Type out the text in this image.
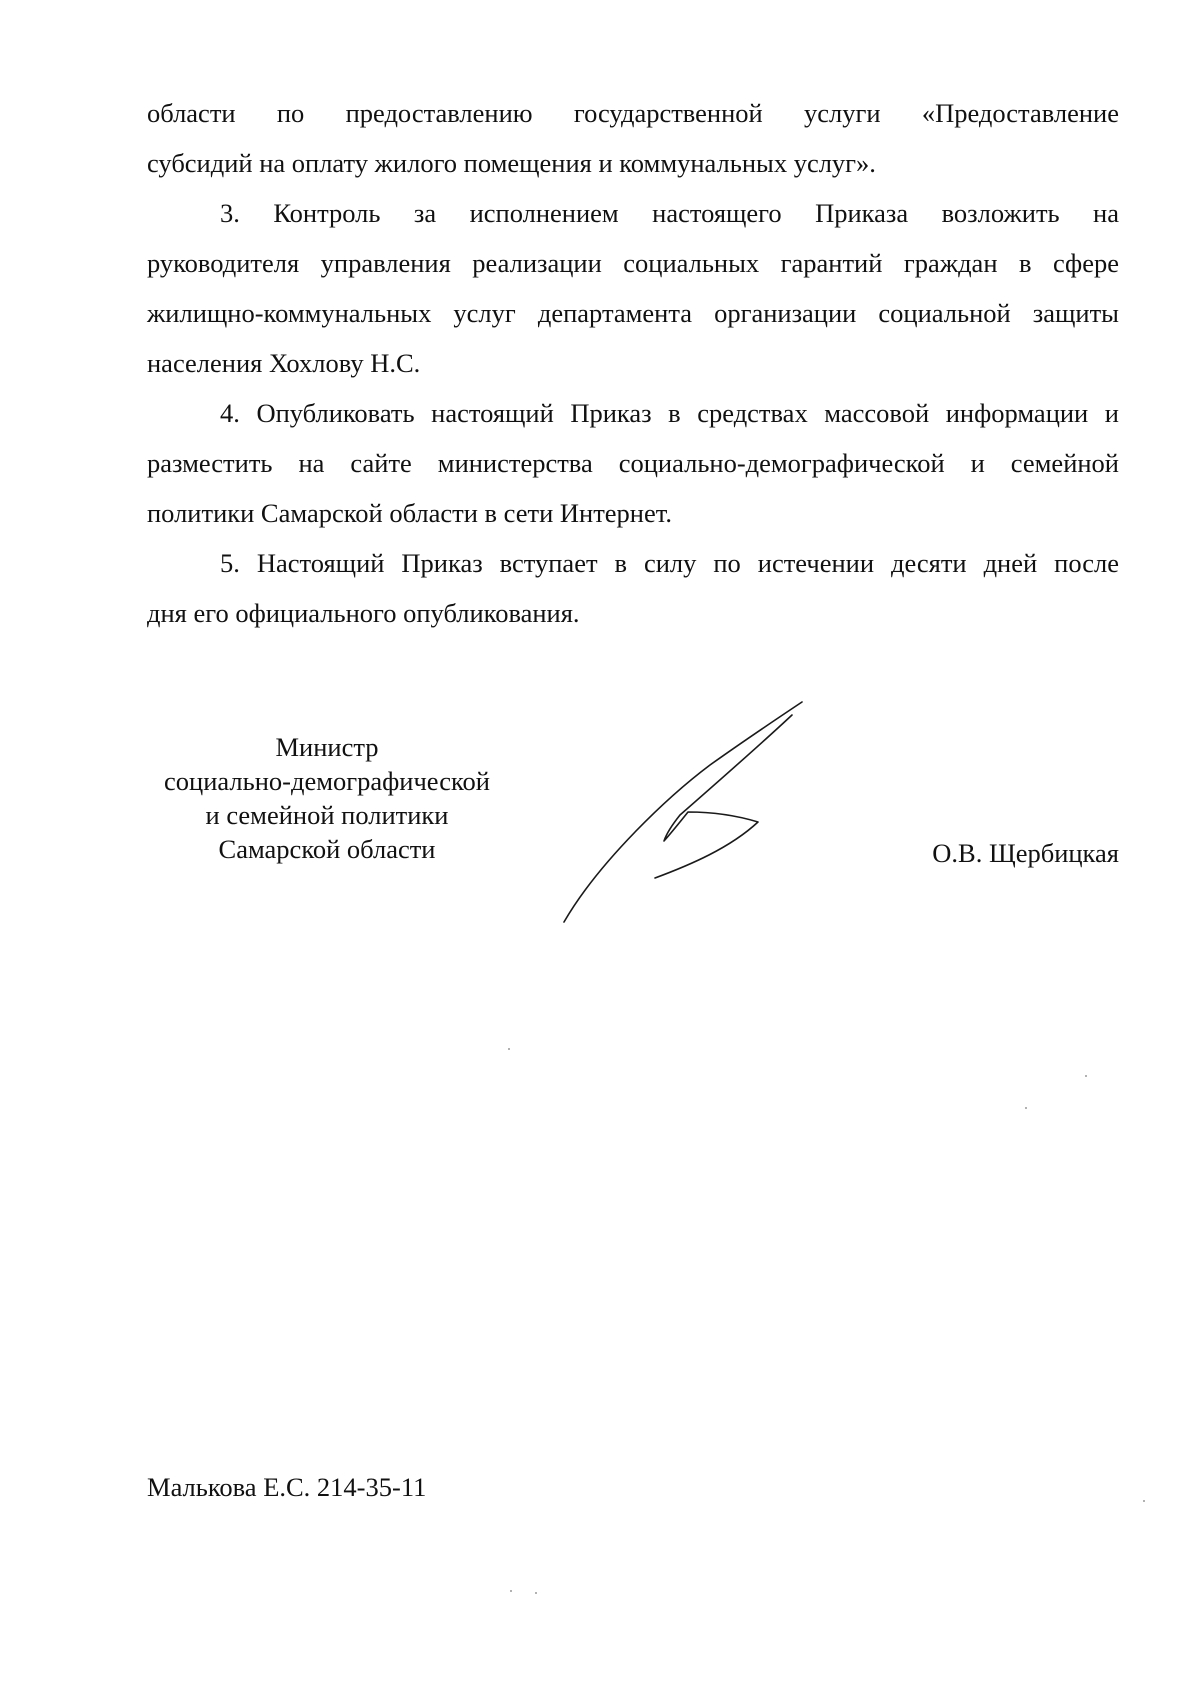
области по предоставлению государственной услуги «Предоставление
субсидий на оплату жилого помещения и коммунальных услуг».
3. Контроль за исполнением настоящего Приказа возложить на
руководителя управления реализации социальных гарантий граждан в сфере
жилищно-коммунальных услуг департамента организации социальной защиты
населения Хохлову Н.С.
4. Опубликовать настоящий Приказ в средствах массовой информации и
разместить на сайте министерства социально-демографической и семейной
политики Самарской области в сети Интернет.
5. Настоящий Приказ вступает в силу по истечении десяти дней после
дня его официального опубликования.
Министр
социально-демографической
и семейной политики
Самарской области	О.В. Щербицкая
Малькова Е.С. 214-35-11
